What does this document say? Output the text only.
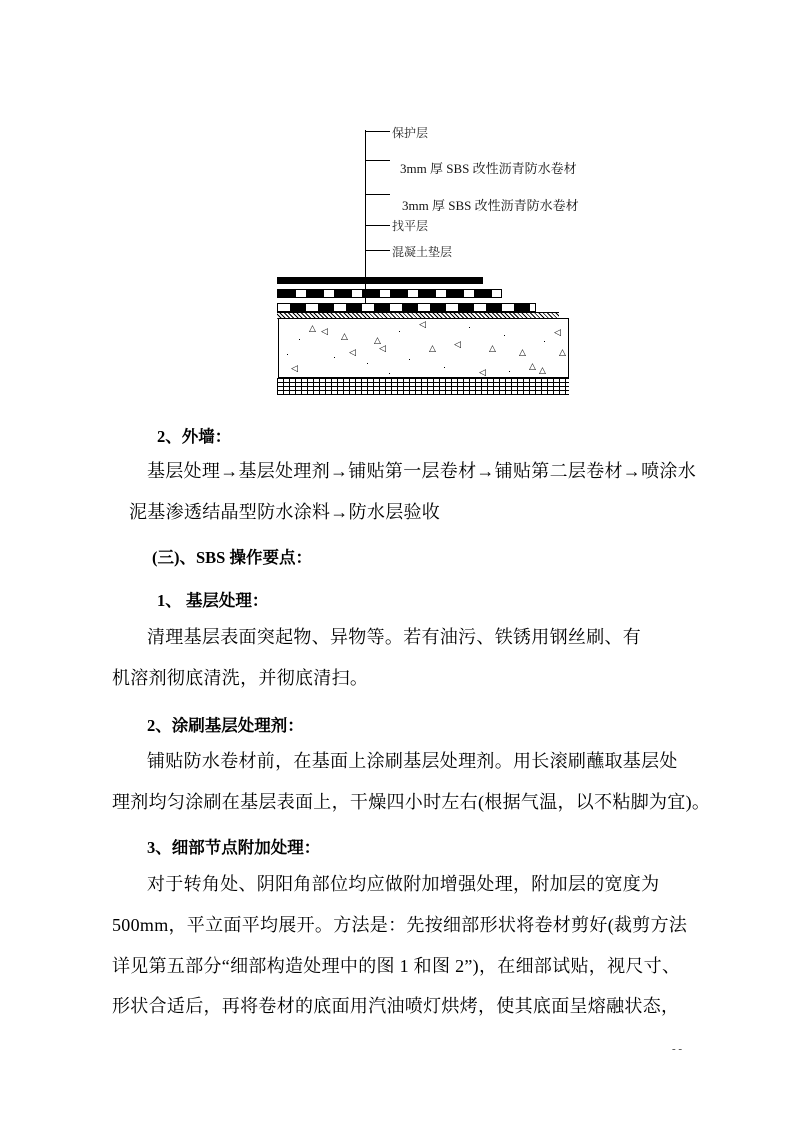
保护层
3mm 厚 SBS 改性沥青防水卷材
3mm 厚 SBS 改性沥青防水卷材
找平层
混凝土垫层
△ ◁ △
◁
△
◁
◁
△ ◁	△	△
△
◁
△
◁	◁	△
2、外墙：
基层处理→基层处理剂→铺贴第一层卷材→铺贴第二层卷材→喷涂水
泥基渗透结晶型防水涂料→防水层验收
(三)、SBS 操作要点：
1、 基层处理：
清理基层表面突起物、异物等。若有油污、铁锈用钢丝刷、有
机溶剂彻底清洗，并彻底清扫。
2、涂刷基层处理剂：
铺贴防水卷材前，在基面上涂刷基层处理剂。用长滚刷蘸取基层处
理剂均匀涂刷在基层表面上，干燥四小时左右(根据气温，以不粘脚为宜)。
3、细部节点附加处理：
对于转角处、阴阳角部位均应做附加增强处理，附加层的宽度为
500mm，平立面平均展开。方法是：先按细部形状将卷材剪好(裁剪方法
详见第五部分“细部构造处理中的图 1 和图 2”)，在细部试贴，视尺寸、
形状合适后，再将卷材的底面用汽油喷灯烘烤，使其底面呈熔融状态，
- -
